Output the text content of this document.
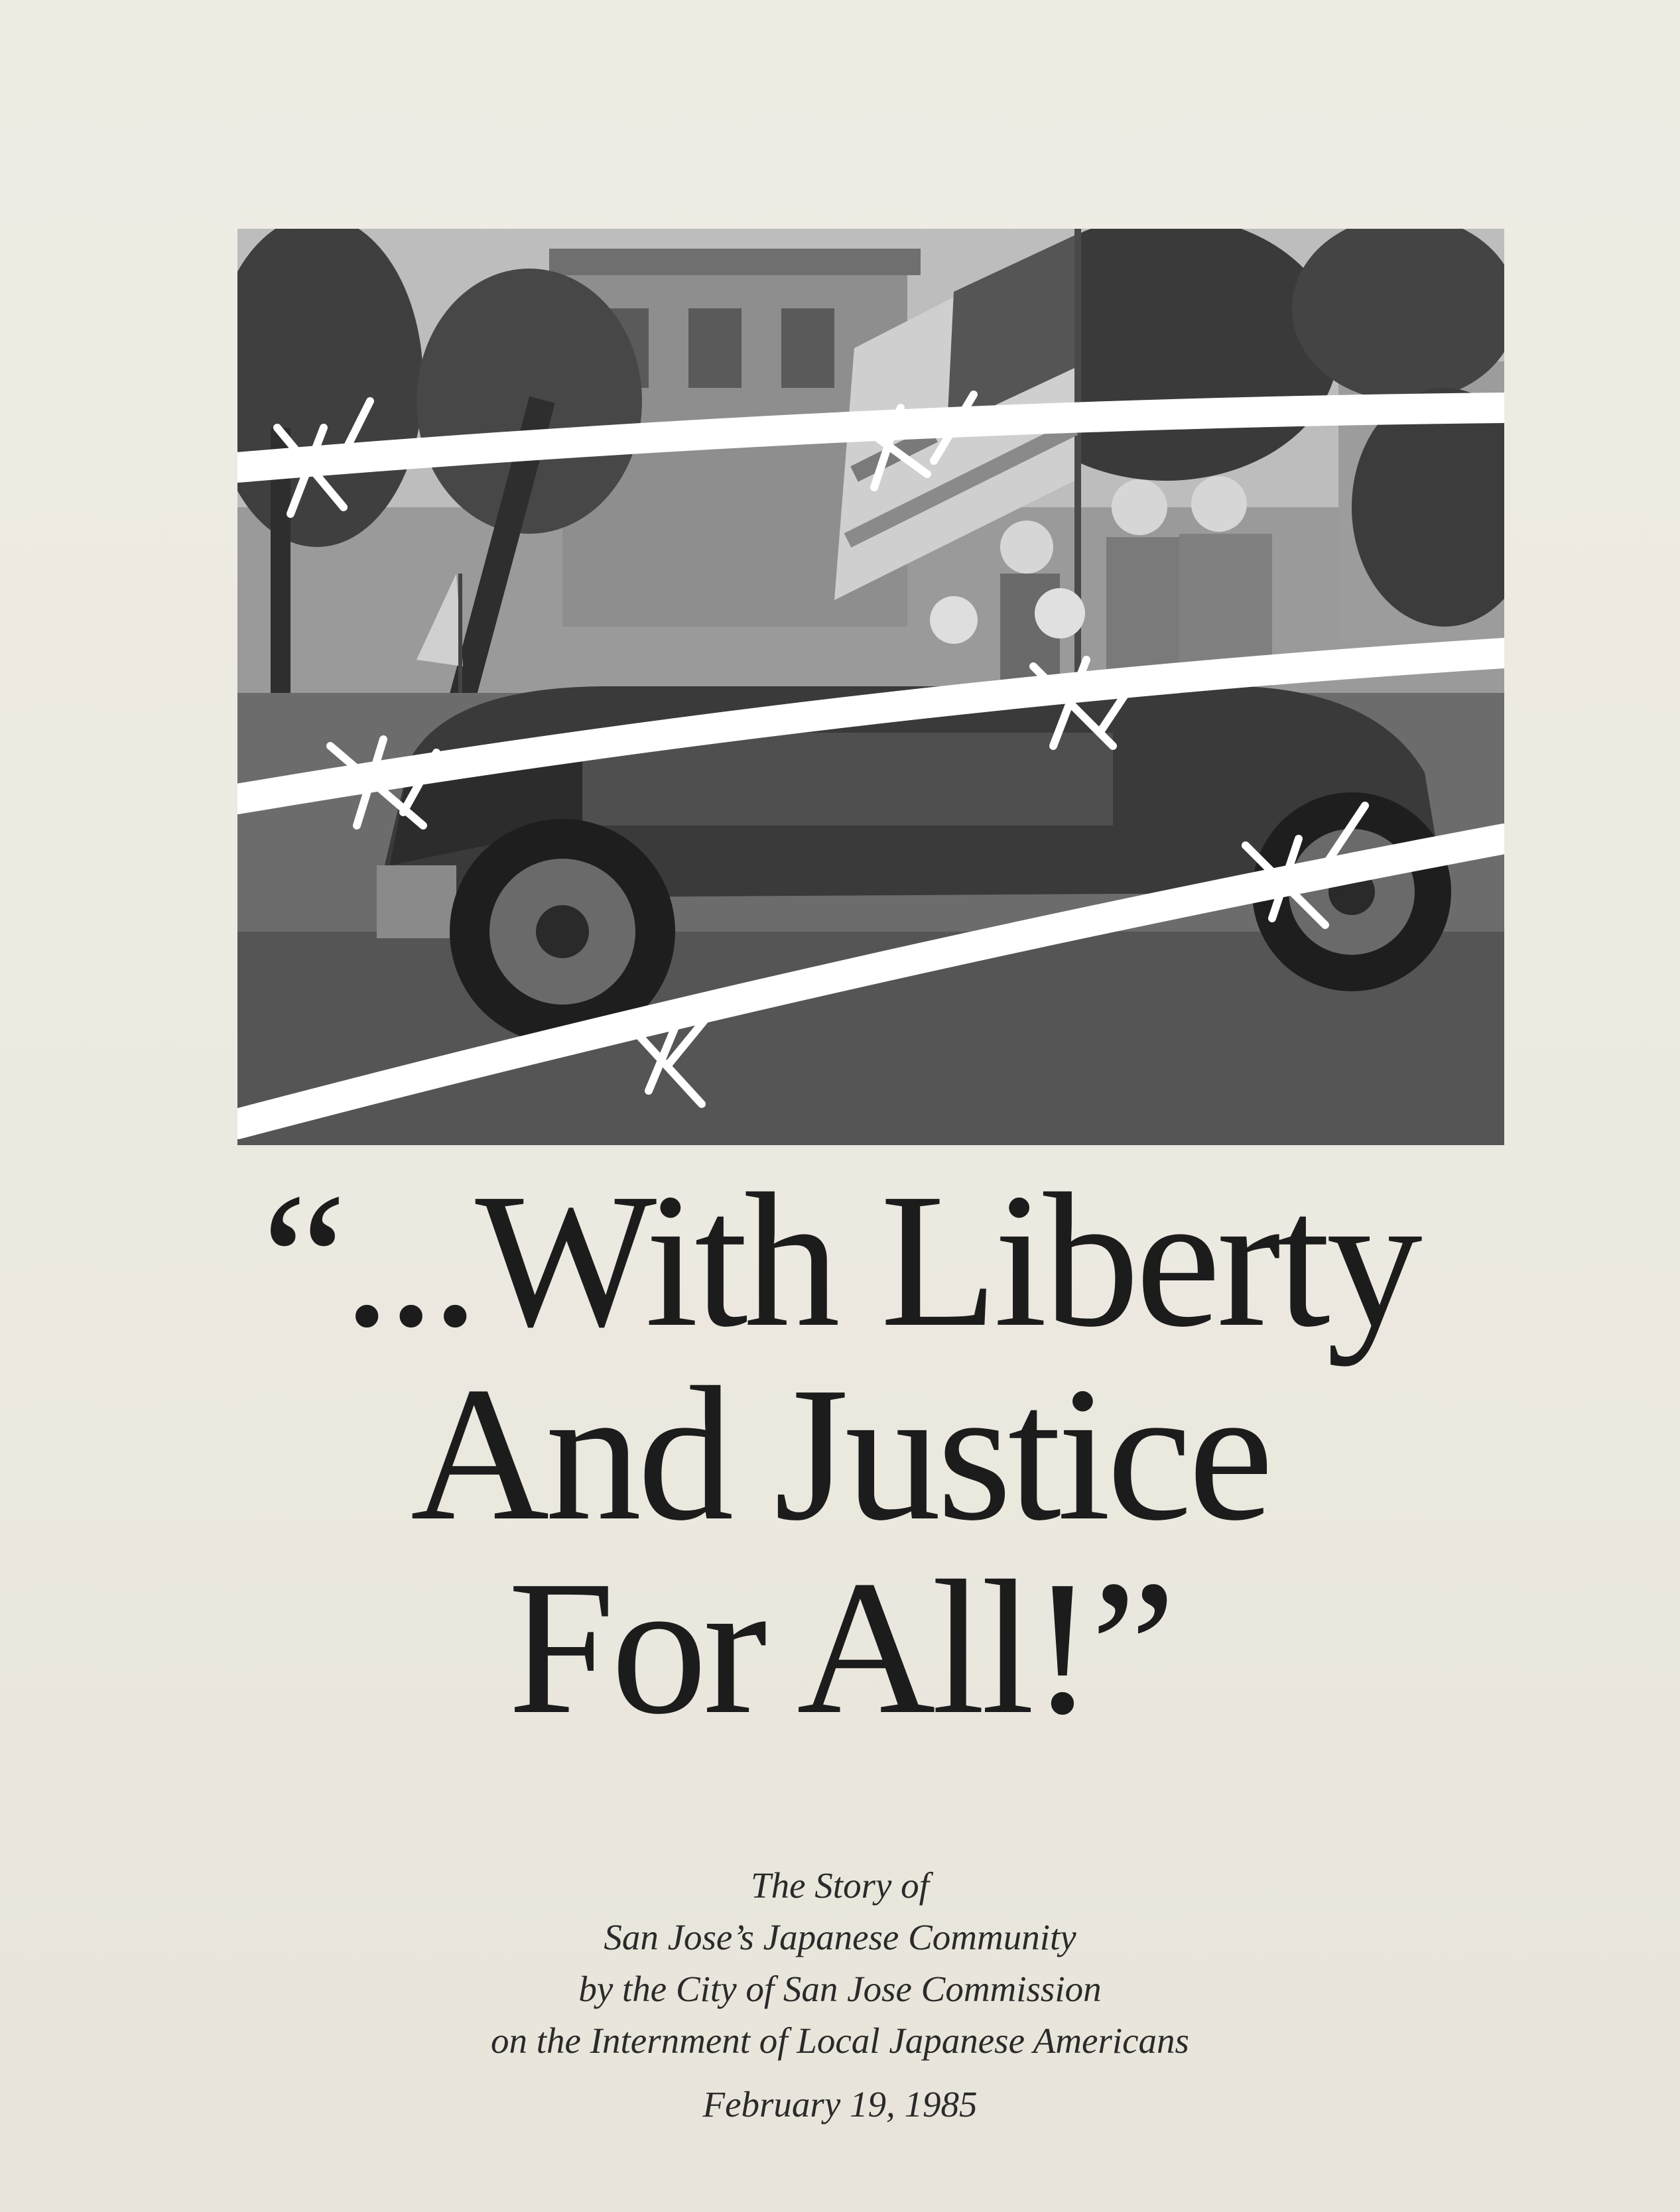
“...With Liberty
And Justice
For All!”
The Story of
San Jose’s Japanese Community
by the City of San Jose Commission
on the Internment of Local Japanese Americans
February 19, 1985
